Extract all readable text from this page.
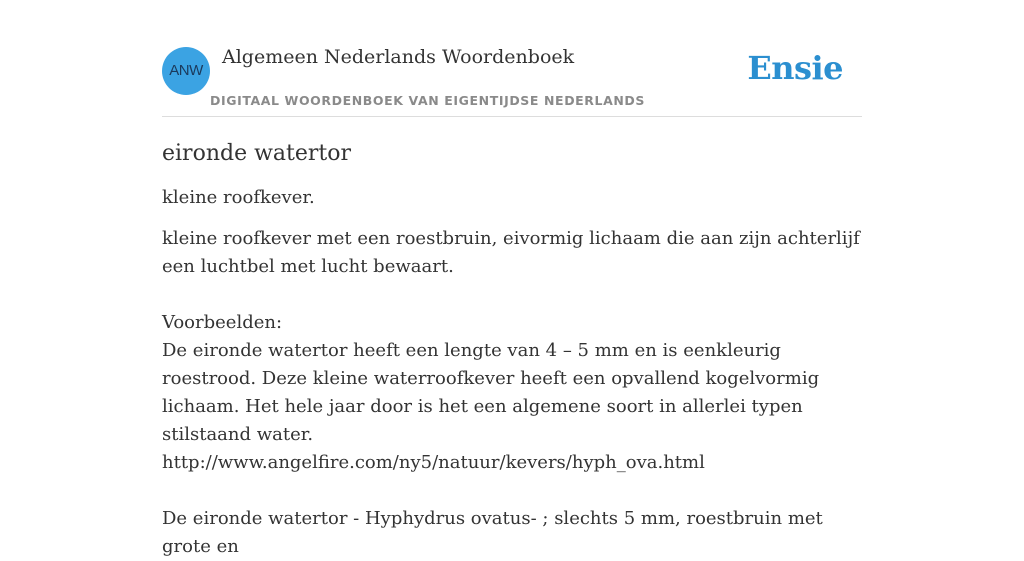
ANW
Algemeen Nederlands Woordenboek
DIGITAAL WOORDENBOEK VAN EIGENTIJDSE NEDERLANDS
Ensie
eironde watertor

kleine roofkever.

kleine roofkever met een roestbruin, eivormig lichaam die aan zijn achterlijf een luchtbel met lucht bewaart.

Voorbeelden:
De eironde watertor heeft een lengte van 4 – 5 mm en is eenkleurig roestrood. Deze kleine waterroofkever heeft een opvallend kogelvormig lichaam. Het hele jaar door is het een algemene soort in allerlei typen stilstaand water.
http://www.angelfire.com/ny5/natuur/kevers/hyph_ova.html
De eironde watertor - Hyphydrus ovatus- ; slechts 5 mm, roestbruin met grote en
